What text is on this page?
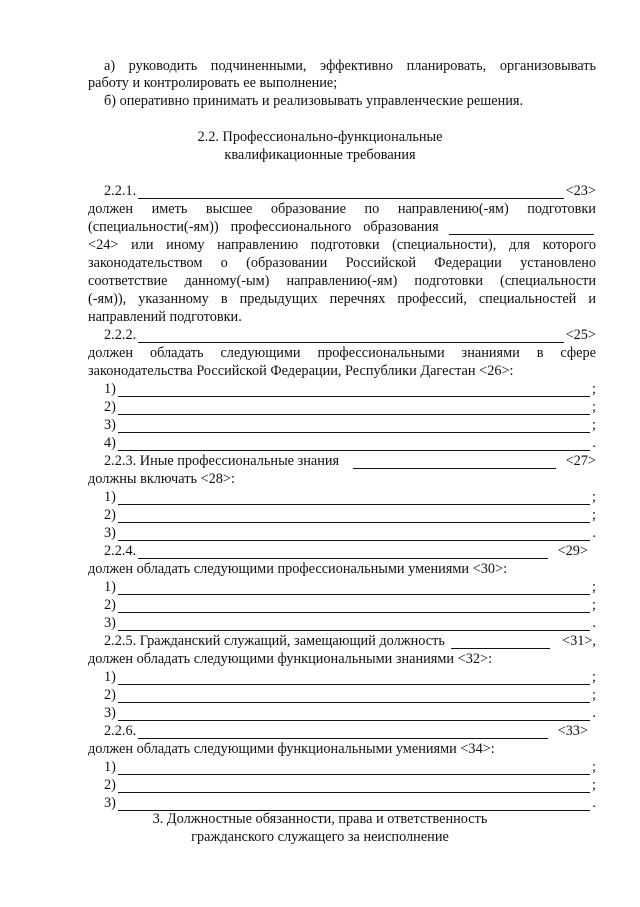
а) руководить подчиненными, эффективно планировать, организовывать
работу и контролировать ее выполнение;
б) оперативно принимать и реализовывать управленческие решения.
2.2. Профессионально-функциональные
квалификационные требования
2.2.1.	<23>
должен иметь высшее образование по направлению(-ям) подготовки
(специальности(-ям)) профессионального образования
<24> или иному направлению подготовки (специальности), для которого
законодательством о (образовании Российской Федерации установлено
соответствие данному(-ым) направлению(-ям) подготовки (специальности
(-ям)), указанному в предыдущих перечнях профессий, специальностей и
направлений подготовки.
2.2.2.	<25>
должен обладать следующими профессиональными знаниями в сфере
законодательства Российской Федерации, Республики Дагестан <26>:
1)	;
2)	;
3)	;
4)	.
2.2.3. Иные профессиональные знания	<27>
должны включать <28>:
1)	;
2)	;
3)	.
2.2.4.	<29>
должен обладать следующими профессиональными умениями <30>:
1)	;
2)	;
3)	.
2.2.5. Гражданский служащий, замещающий должность	<31>,
должен обладать следующими функциональными знаниями <32>:
1)	;
2)	;
3)	.
2.2.6.	<33>
должен обладать следующими функциональными умениями <34>:
1)	;
2)	;
3)	.
3. Должностные обязанности, права и ответственность
гражданского служащего за неисполнение
